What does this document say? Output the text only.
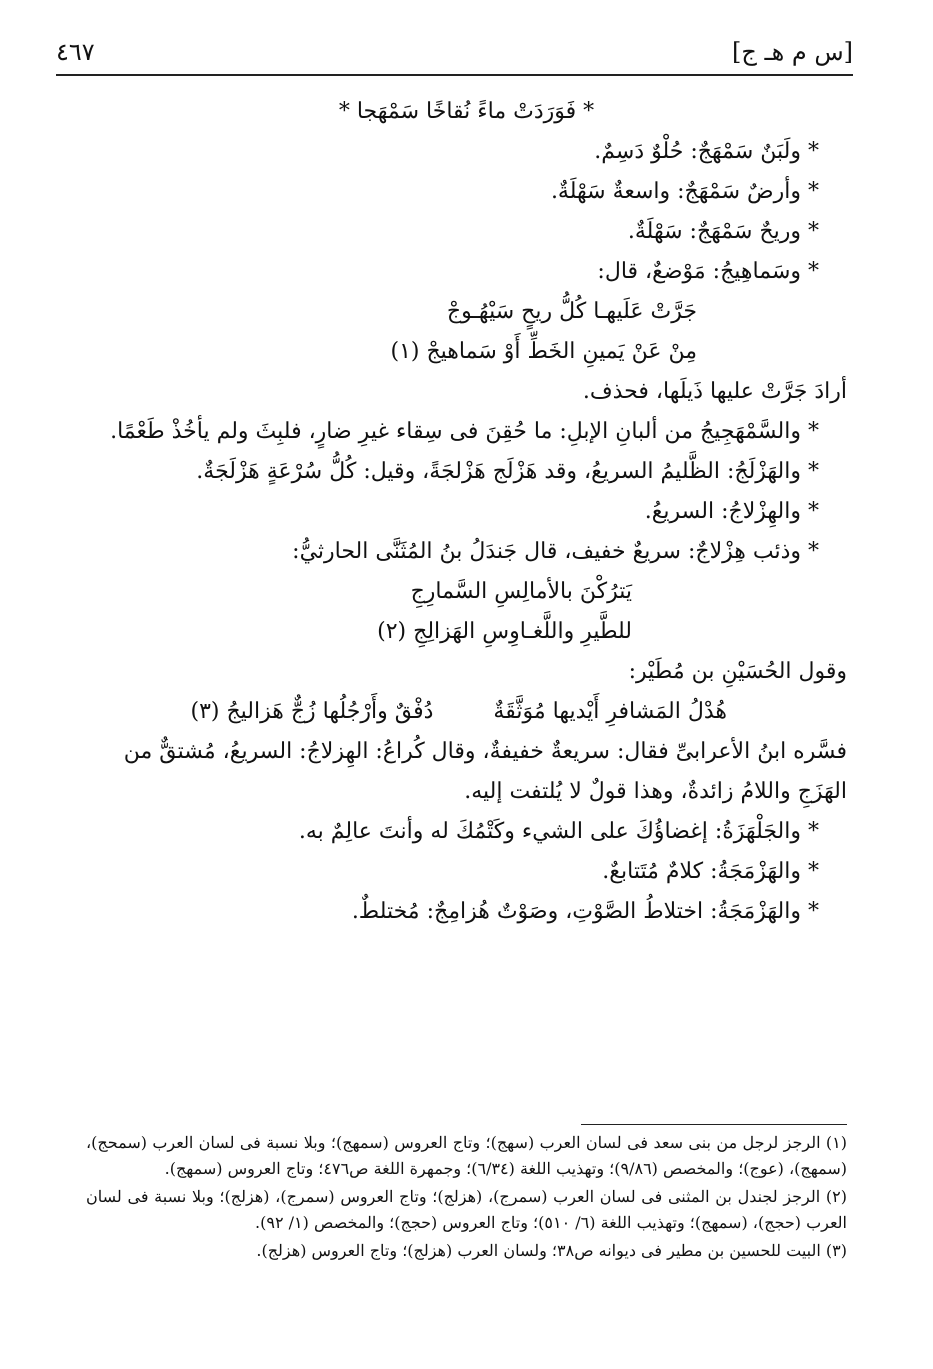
[س م هـ ج]
٤٦٧
* فَوَرَدَتْ ماءً نُقاخًا سَمْهَجا *
* ولَبَنٌ سَمْهَجٌ: حُلْوٌ دَسِمٌ.
* وأرضٌ سَمْهَجٌ: واسعةٌ سَهْلَةٌ.
* وريحٌ سَمْهَجٌ: سَهْلَةٌ.
* وسَماهِيجُ: مَوْضعٌ، قال:
جَرَّتْ عَلَيهـا كُلُّ ريحٍ سَيْهُـوجْ
مِنْ عَنْ يَمينِ الخَطِّ أَوْ سَماهيجْ (١)
أرادَ جَرَّتْ عليها ذَيلَها، فحذف.
* والسَّمْهَجِيجُ من ألبانِ الإبلِ: ما حُقِنَ فى سِقاء غيرِ ضارٍ، فلبِثَ ولم يأخُذْ طَعْمًا.
* والهَزْلَجُ: الظَّليمُ السريعُ، وقد هَزْلَج هَزْلجَةً، وقيل: كُلُّ سُرْعَةٍ هَزْلَجَةٌ.
* والهِزْلاجُ: السريعُ.
* وذئب هِزْلاجٌ: سريعٌ خفيف، قال جَندَلُ بنُ المُثَنَّى الحارثيُّ:
يَترُكْنَ بالأمالِسِ السَّمارِجِ
للطَّيرِ واللَّغـاوِسِ الهَزالِجِ (٢)
وقول الحُسَيْنِ بن مُطَيْر:
هُدْلُ المَشافرِ أَيْديها مُوَثَّقَةٌ
دُفْقٌ وأَرْجُلُها زُجٌّ هَزاليجُ (٣)
فسَّره ابنُ الأعرابىِّ فقال: سريعةٌ خفيفةٌ، وقال كُراعُ: الهِزلاجُ: السريعُ، مُشتقٌّ من الهَزَجِ واللامُ زائدةٌ، وهذا قولٌ لا يُلتفت إليه.
* والجَلْهَزَةُ: إغضاؤُكَ على الشيء وكَتْمُكَ له وأنتَ عالِمٌ به.
* والهَزْمَجَةُ: كلامٌ مُتَتابعٌ.
* والهَزْمَجَةُ: اختلاطُ الصَّوْتِ، وصَوْتٌ هُزامِجٌ: مُختلطٌ.

(١) الرجز لرجل من بنى سعد فى لسان العرب (سهج)؛ وتاج العروس (سمهج)؛ وبلا نسبة فى لسان العرب (سمحج)، (سمهج)، (عوج)؛ والمخصص (٩/٨٦)؛ وتهذيب اللغة (٦/٣٤)؛ وجمهرة اللغة ص٤٧٦؛ وتاج العروس (سمهج).

(٢) الرجز لجندل بن المثنى فى لسان العرب (سمرج)، (هزلج)؛ وتاج العروس (سمرج)، (هزلج)؛ وبلا نسبة فى لسان العرب (حجج)، (سمهج)؛ وتهذيب اللغة (٦/ ٥١٠)؛ وتاج العروس (حجج)؛ والمخصص (١/ ٩٢).

(٣) البيت للحسين بن مطير فى ديوانه ص٣٨؛ ولسان العرب (هزلج)؛ وتاج العروس (هزلج).
